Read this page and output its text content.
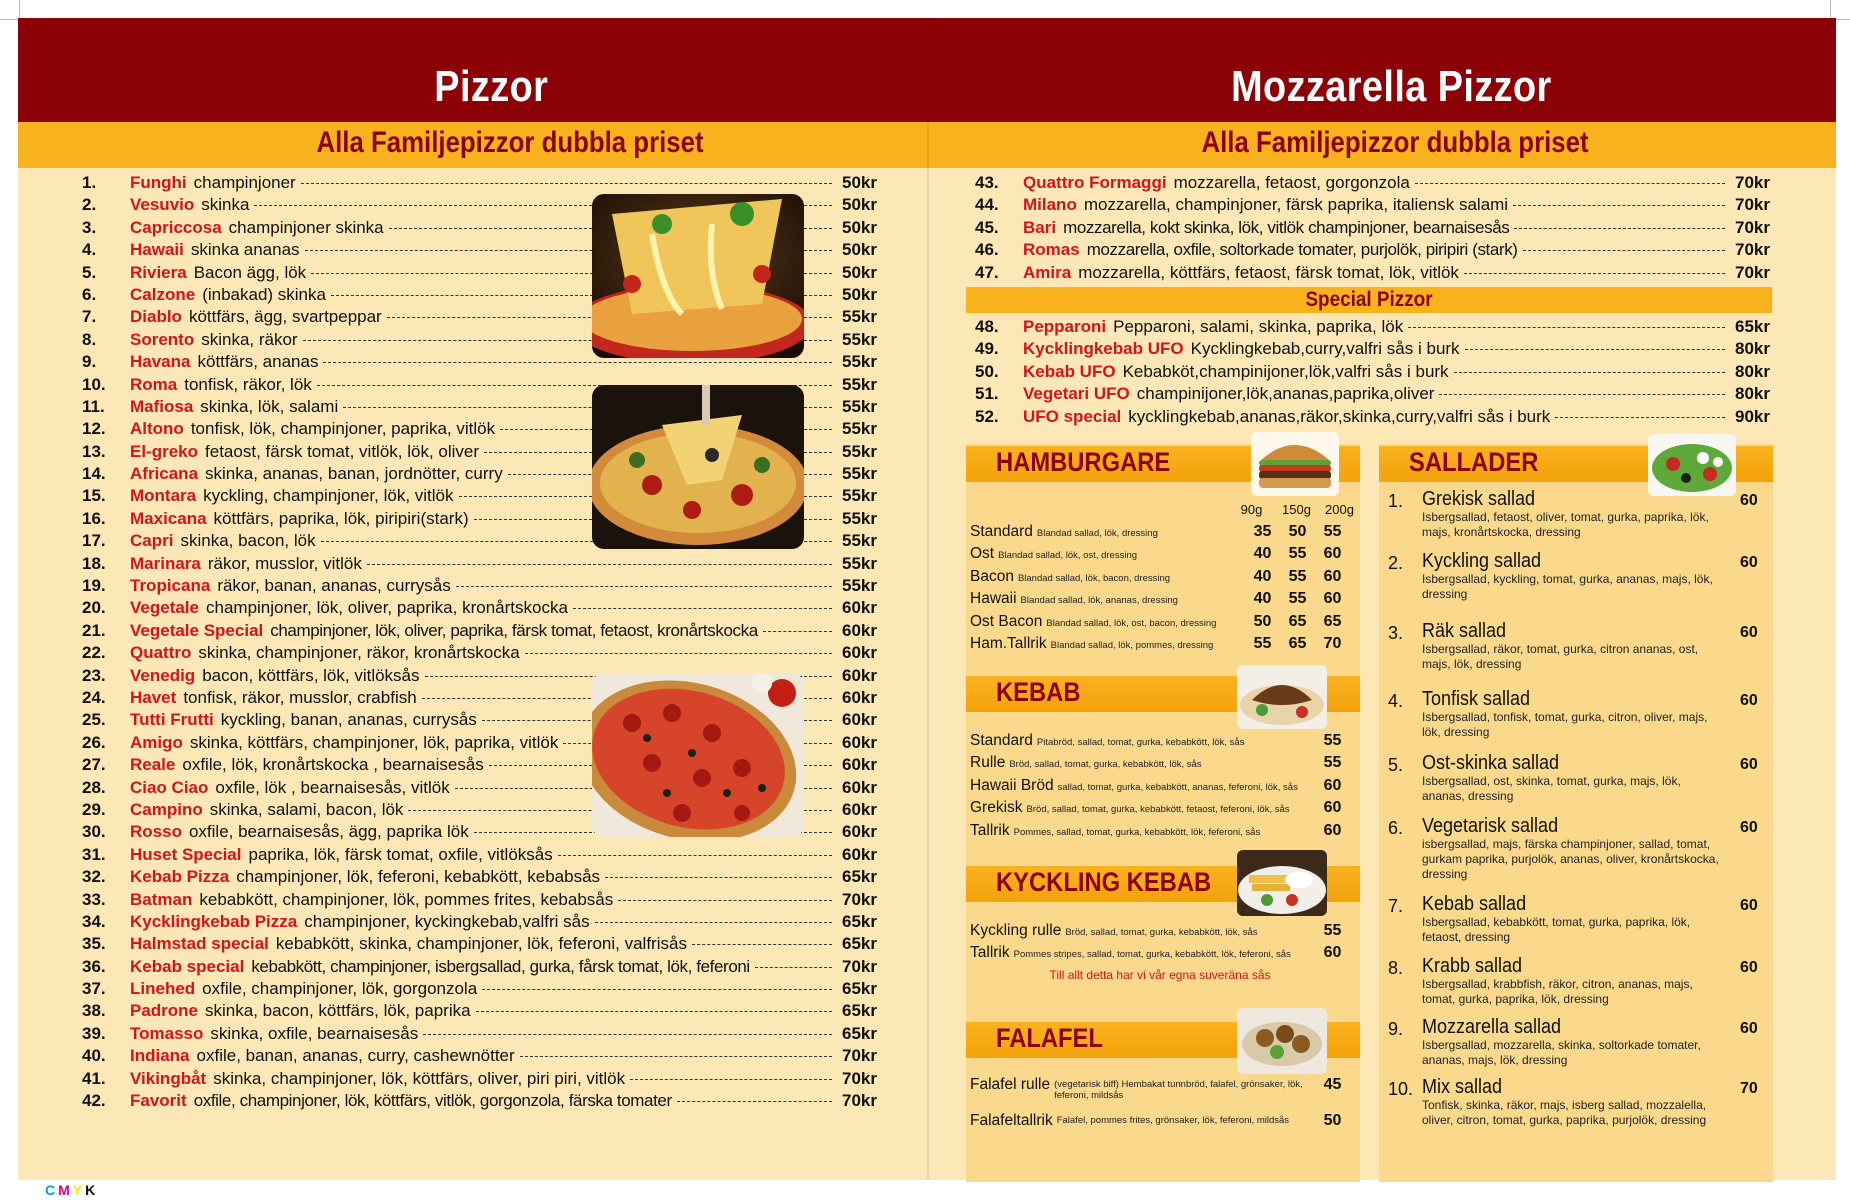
Pizzor
Alla Familjepizzor dubbla priset
1.	Funghi champinjoner	50kr
2.	Vesuvio skinka	50kr
3.	Capriccosa champinjoner skinka	50kr
4.	Hawaii skinka ananas	50kr
5.	Riviera Bacon ägg, lök	50kr
6.	Calzone (inbakad) skinka	50kr
7.	Diablo köttfärs, ägg, svartpeppar	55kr
8.	Sorento skinka, räkor	55kr
9.	Havana köttfärs, ananas	55kr
10.	Roma tonfisk, räkor, lök	55kr
11.	Mafiosa skinka, lök, salami	55kr
12.	Altono tonfisk, lök, champinjoner, paprika, vitlök	55kr
13.	El-greko fetaost, färsk tomat, vitlök, lök, oliver	55kr
14.	Africana skinka, ananas, banan, jordnötter, curry	55kr
15.	Montara kyckling, champinjoner, lök, vitlök	55kr
16.	Maxicana köttfärs, paprika, lök, piripiri(stark)	55kr
17.	Capri skinka, bacon, lök	55kr
18.	Marinara räkor, musslor, vitlök	55kr
19.	Tropicana räkor, banan, ananas, currysås	55kr
20.	Vegetale champinjoner, lök, oliver, paprika, kronårtskocka	60kr
21.	Vegetale Special champinjoner, lök, oliver, paprika, färsk tomat, fetaost, kronårtskocka	60kr
22.	Quattro skinka, champinjoner, räkor, kronårtskocka	60kr
23.	Venedig bacon, köttfärs, lök, vitlöksås	60kr
24.	Havet tonfisk, räkor, musslor, crabfish	60kr
25.	Tutti Frutti kyckling, banan, ananas, currysås	60kr
26.	Amigo skinka, köttfärs, champinjoner, lök, paprika, vitlök	60kr
27.	Reale oxfile, lök, kronårtskocka , bearnaisesås	60kr
28.	Ciao Ciao oxfile, lök , bearnaisesås, vitlök	60kr
29.	Campino skinka, salami, bacon, lök	60kr
30.	Rosso oxfile, bearnaisesås, ägg, paprika lök	60kr
31.	Huset Special paprika, lök, färsk tomat, oxfile, vitlöksås	60kr
32.	Kebab Pizza champinjoner, lök, feferoni, kebabkött, kebabsås	65kr
33.	Batman kebabkött, champinjoner, lök, pommes frites, kebabsås	70kr
34.	Kycklingkebab Pizza champinjoner, kyckingkebab,valfri sås	65kr
35.	Halmstad special kebabkött, skinka, champinjoner, lök, feferoni, valfrisås	65kr
36.	Kebab special kebabkött, champinjoner, isbergsallad, gurka, fårsk tomat, lök, feferoni	70kr
37.	Linehed oxfile, champinjoner, lök, gorgonzola	65kr
38.	Padrone skinka, bacon, köttfärs, lök, paprika	65kr
39.	Tomasso skinka, oxfile, bearnaisesås	65kr
40.	Indiana oxfile, banan, ananas, curry, cashewnötter	70kr
41.	Vikingbåt skinka, champinjoner, lök, köttfärs, oliver, piri piri, vitlök	70kr
42.	Favorit oxfile, champinjoner, lök, köttfärs, vitlök, gorgonzola, färska tomater	70kr
Mozzarella Pizzor
Alla Familjepizzor dubbla priset
43.	Quattro Formaggi mozzarella, fetaost, gorgonzola	70kr
44.	Milano mozzarella, champinjoner, färsk paprika, italiensk salami	70kr
45.	Bari mozzarella, kokt skinka, lök, vitlök champinjoner, bearnaisesås	70kr
46.	Romas mozzarella, oxfile, soltorkade tomater, purjolök, piripiri (stark)	70kr
47.	Amira mozzarella, köttfärs, fetaost, färsk tomat, lök, vitlök	70kr
Special Pizzor
48.	Pepparoni Pepparoni, salami, skinka, paprika, lök	65kr
49.	Kycklingkebab UFO Kycklingkebab,curry,valfri sås i burk	80kr
50.	Kebab UFO Kebabköt,champinijoner,lök,valfri sås i burk	80kr
51.	Vegetari UFO champinijoner,lök,ananas,paprika,oliver	80kr
52.	UFO special kycklingkebab,ananas,räkor,skinka,curry,valfri sås i burk	90kr
HAMBURGARE
90g	150g 200g
Standard Blandad sallad, lök, dressing	35	50	55
Ost Blandad sallad, lök, ost, dressing	40	55	60
Bacon Blandad sallad, lök, bacon, dressing	40	55	60
Hawaii Blandad sallad, lök, ananas, dressing	40	55	60
Ost Bacon Blandad sallad, lök, ost, bacon, dressing	50	65	65
Ham.Tallrik Blandad sallad, lök, pommes, dressing	55	65	70
KEBAB
Standard Pitabröd, sallad, tomat, gurka, kebabkött, lök, sås	55
Rulle Bröd, sallad, tomat, gurka, kebabkött, lök, sås	55
Hawaii Bröd sallad, tomat, gurka, kebabkött, ananas, feferoni, lök, sås	60
Grekisk Bröd, sallad, tomat, gurka, kebabkött, fetaost, feferoni, lök, sås	60
Tallrik Pommes, sallad, tomat, gurka, kebabkött, lök, feferoni, sås	60
KYCKLING KEBAB
Kyckling rulle Bröd, sallad, tomat, gurka, kebabkött, lök, sås	55
Tallrik Pommes stripes, sallad, tomat, gurka, kebabkött, lök, feferoni, sås	60
Till allt detta har vi vår egna suveräna sås
FALAFEL
Falafel rulle (vegetarisk biff) Hembakat tunnbröd, falafel, grönsaker, lök, feferoni, mildsås
45
Falafeltallrik Falafel, pommes frites, grönsaker, lök, feferoni, mildsås	50
SALLADER
1. Grekisk sallad
Isbergsallad, fetaost, oliver, tomat, gurka, paprika, lök, majs, kronårtskocka, dressing
60
2. Kyckling sallad
Isbergsallad, kyckling, tomat, gurka, ananas, majs, lök, dressing
60
3. Räk sallad
Isbergsallad, räkor, tomat, gurka, citron ananas, ost, majs, lök, dressing
60
4. Tonfisk sallad
Isbergsallad, tonfisk, tomat, gurka, citron, oliver, majs, lök, dressing
60
5. Ost-skinka sallad
Isbergsallad, ost, skinka, tomat, gurka, majs, lök, ananas, dressing
60
6. Vegetarisk sallad
isbergsallad, majs, färska champinjoner, sallad, tomat, gurkam paprika, purjolök, ananas, oliver, kronårtskocka, dressing
60
7. Kebab sallad
Isbergsallad, kebabkött, tomat, gurka, paprika, lök, fetaost, dressing
60
8. Krabb sallad
Isbergsallad, krabbfish, räkor, citron, ananas, majs, tomat, gurka, paprika, lök, dressing
60
9. Mozzarella sallad
Isbergsallad, mozzarella, skinka, soltorkade tomater, ananas, majs, lök, dressing
60
10. Mix sallad
Tonfisk, skinka, räkor, majs, isberg sallad, mozzalella, oliver, citron, tomat, gurka, paprika, purjolök, dressing
70
CMYK
